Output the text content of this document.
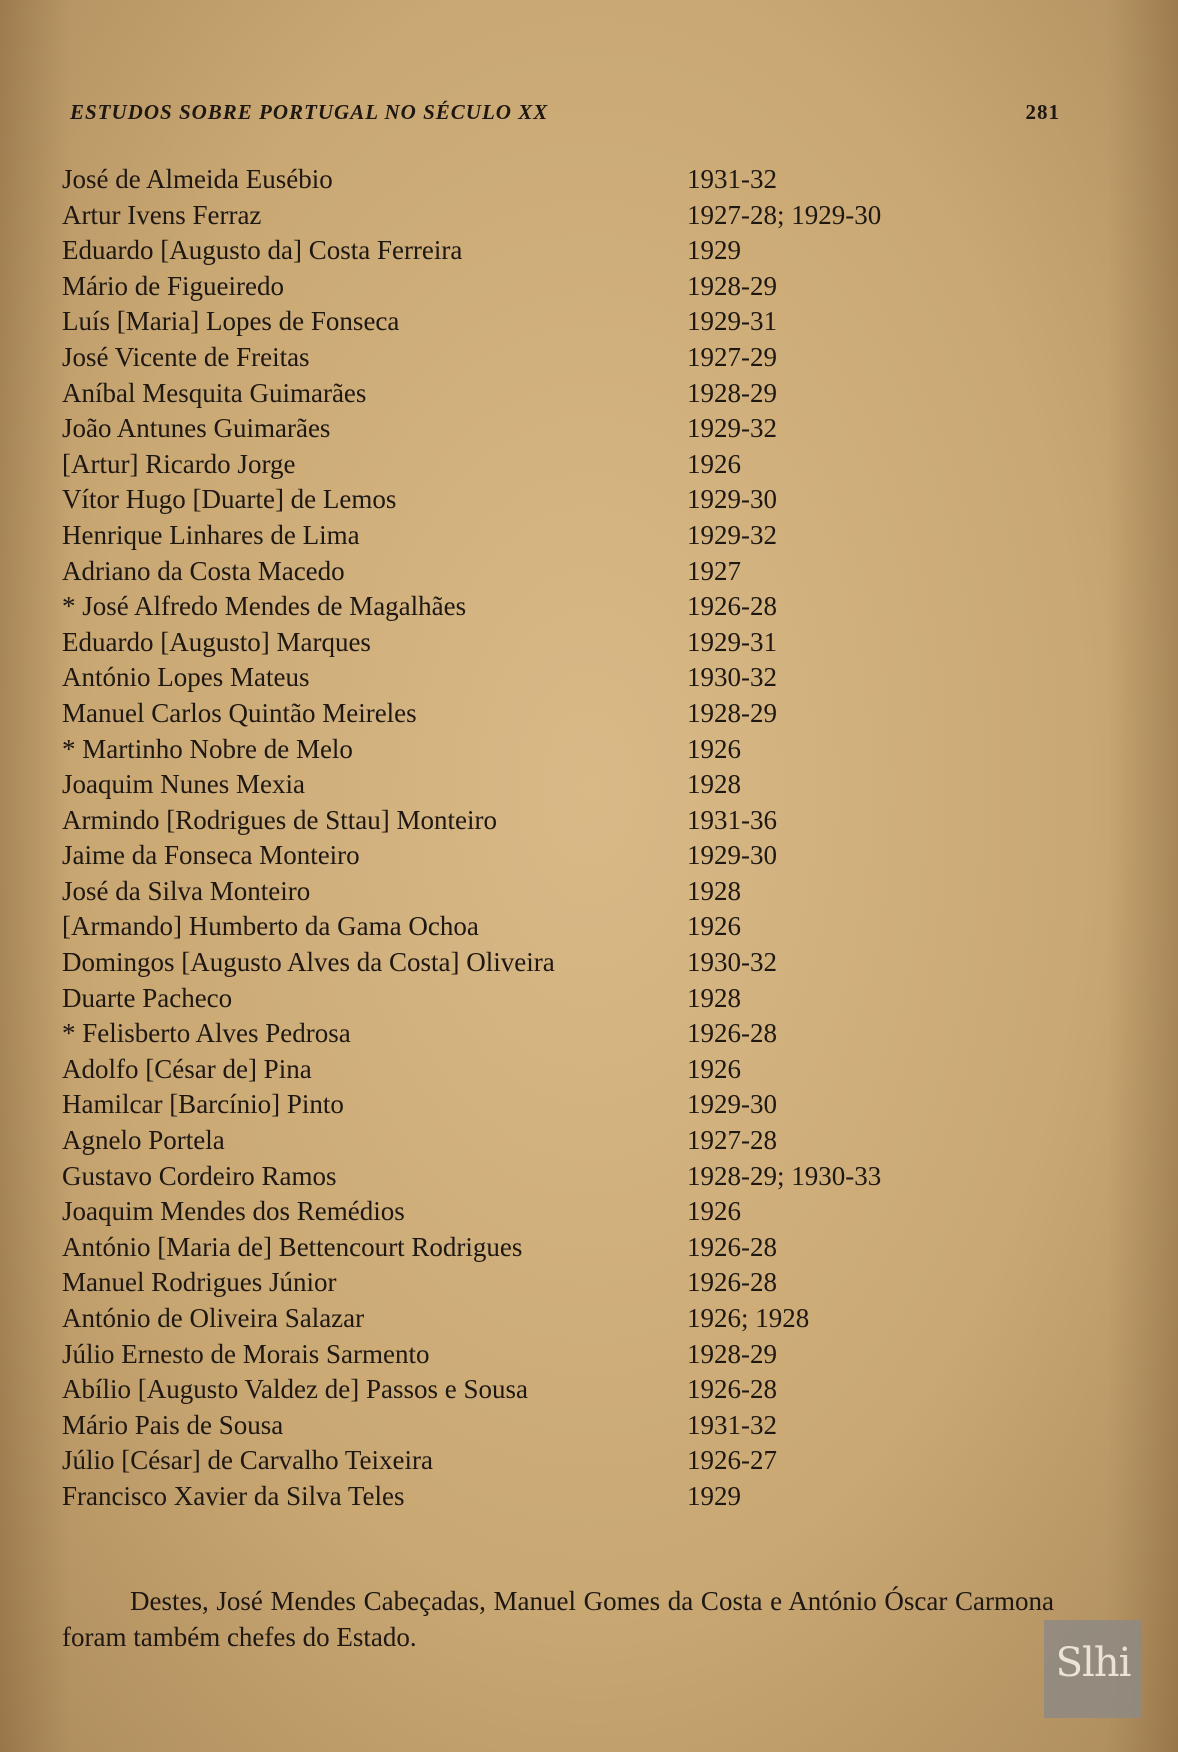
ESTUDOS SOBRE PORTUGAL NO SÉCULO XX	281
José de Almeida Eusébio	1931-32
Artur Ivens Ferraz	1927-28; 1929-30
Eduardo [Augusto da] Costa Ferreira	1929
Mário de Figueiredo	1928-29
Luís [Maria] Lopes de Fonseca	1929-31
José Vicente de Freitas	1927-29
Aníbal Mesquita Guimarães	1928-29
João Antunes Guimarães	1929-32
[Artur] Ricardo Jorge	1926
Vítor Hugo [Duarte] de Lemos	1929-30
Henrique Linhares de Lima	1929-32
Adriano da Costa Macedo	1927
* José Alfredo Mendes de Magalhães	1926-28
Eduardo [Augusto] Marques	1929-31
António Lopes Mateus	1930-32
Manuel Carlos Quintão Meireles	1928-29
* Martinho Nobre de Melo	1926
Joaquim Nunes Mexia	1928
Armindo [Rodrigues de Sttau] Monteiro	1931-36
Jaime da Fonseca Monteiro	1929-30
José da Silva Monteiro	1928
[Armando] Humberto da Gama Ochoa	1926
Domingos [Augusto Alves da Costa] Oliveira	1930-32
Duarte Pacheco	1928
* Felisberto Alves Pedrosa	1926-28
Adolfo [César de] Pina	1926
Hamilcar [Barcínio] Pinto	1929-30
Agnelo Portela	1927-28
Gustavo Cordeiro Ramos	1928-29; 1930-33
Joaquim Mendes dos Remédios	1926
António [Maria de] Bettencourt Rodrigues	1926-28
Manuel Rodrigues Júnior	1926-28
António de Oliveira Salazar	1926; 1928
Júlio Ernesto de Morais Sarmento	1928-29
Abílio [Augusto Valdez de] Passos e Sousa	1926-28
Mário Pais de Sousa	1931-32
Júlio [César] de Carvalho Teixeira	1926-27
Francisco Xavier da Silva Teles	1929

Destes, José Mendes Cabeçadas, Manuel Gomes da Costa e António Óscar Carmona foram também chefes do Estado.

Slhi
